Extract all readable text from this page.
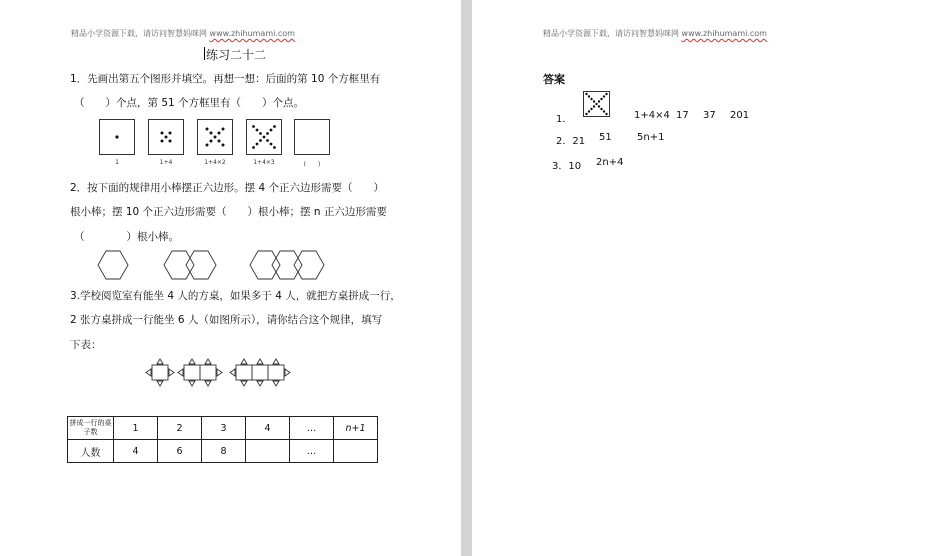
精品小学资源下载，请访问智慧妈咪网 www.zhihumami.com
练习二十二
1．先画出第五个图形并填空。再想一想：后面的第 10 个方框里有
（　　）个点，第 51 个方框里有（　　）个点。
1	1+4	1+4×2	1+4×3	(　　)
2．按下面的规律用小棒摆正六边形。摆 4 个正六边形需要（　　）
根小棒；摆 10 个正六边形需要（　　）根小棒；摆 n 正六边形需要
（　　　　）根小棒。
3.学校阅览室有能坐 4 人的方桌，如果多于 4 人，就把方桌拼成一行，
2 张方桌拼成一行能坐 6 人（如图所示），请你结合这个规律，填写
下表：
拼成一行的桌子数	1	2	3	4	…	n+1
人数	4	6	8		…	
精品小学资源下载，请访问智慧妈咪网 www.zhihumami.com
答案
1．	1+4×4 17 37 201
2．21 51	5n+1
3．10 2n+4
